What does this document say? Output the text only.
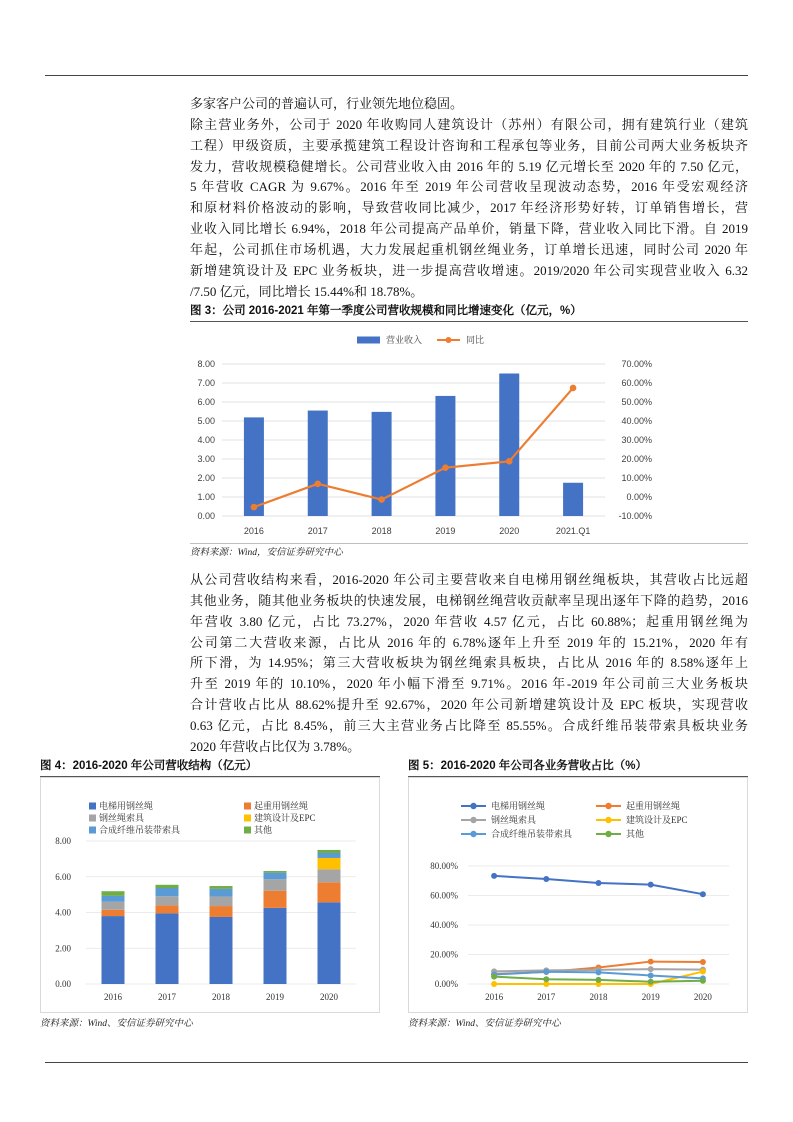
多家客户公司的普遍认可，行业领先地位稳固。
除主营业务外，公司于 2020 年收购同人建筑设计（苏州）有限公司，拥有建筑行业（建筑
工程）甲级资质，主要承揽建筑工程设计咨询和工程承包等业务，目前公司两大业务板块齐
发力，营收规模稳健增长。公司营业收入由 2016 年的 5.19 亿元增长至 2020 年的 7.50 亿元，
5 年营收 CAGR 为 9.67%。2016 年至 2019 年公司营收呈现波动态势，2016 年受宏观经济
和原材料价格波动的影响，导致营收同比减少，2017 年经济形势好转，订单销售增长，营
业收入同比增长 6.94%，2018 年公司提高产品单价，销量下降，营业收入同比下滑。自 2019
年起，公司抓住市场机遇，大力发展起重机钢丝绳业务，订单增长迅速，同时公司 2020 年
新增建筑设计及 EPC 业务板块，进一步提高营收增速。2019/2020 年公司实现营业收入 6.32
/7.50 亿元，同比增长 15.44%和 18.78%。
图 3：公司 2016-2021 年第一季度公司营收规模和同比增速变化（亿元，%）
0.00
1.00
2.00
3.00
4.00
5.00
6.00
7.00
8.00
-10.00%
0.00%
10.00%
20.00%
30.00%
40.00%
50.00%
60.00%
70.00%
2016	2017	2018	2019	2020	2021.Q1
营业收入	同比
资料来源：Wind，安信证券研究中心
从公司营收结构来看，2016-2020 年公司主要营收来自电梯用钢丝绳板块，其营收占比远超
其他业务，随其他业务板块的快速发展，电梯钢丝绳营收贡献率呈现出逐年下降的趋势，2016
年营收 3.80 亿元，占比 73.27%，2020 年营收 4.57 亿元，占比 60.88%；起重用钢丝绳为
公司第二大营收来源，占比从 2016 年的 6.78%逐年上升至 2019 年的 15.21%，2020 年有
所下滑，为 14.95%；第三大营收板块为钢丝绳索具板块，占比从 2016 年的 8.58%逐年上
升至 2019 年的 10.10%，2020 年小幅下滑至 9.71%。2016 年-2019 年公司前三大业务板块
合计营收占比从 88.62%提升至 92.67%，2020 年公司新增建筑设计及 EPC 板块，实现营收
0.63 亿元，占比 8.45%，前三大主营业务占比降至 85.55%。合成纤维吊装带索具板块业务
2020 年营收占比仅为 3.78%。
图 4：2016-2020 年公司营收结构（亿元）
0.00
2.00
4.00
6.00
8.00
2016	2017	2018	2019	2020
电梯用钢丝绳	起重用钢丝绳
钢丝绳索具	建筑设计及EPC
合成纤维吊装带索具	其他
资料来源：Wind、安信证券研究中心
图 5：2016-2020 年公司各业务营收占比（%）
0.00%
20.00%
40.00%
60.00%
80.00%
2016	2017	2018	2019	2020
电梯用钢丝绳	起重用钢丝绳
钢丝绳索具	建筑设计及EPC
合成纤维吊装带索具	其他
资料来源：Wind、安信证券研究中心
